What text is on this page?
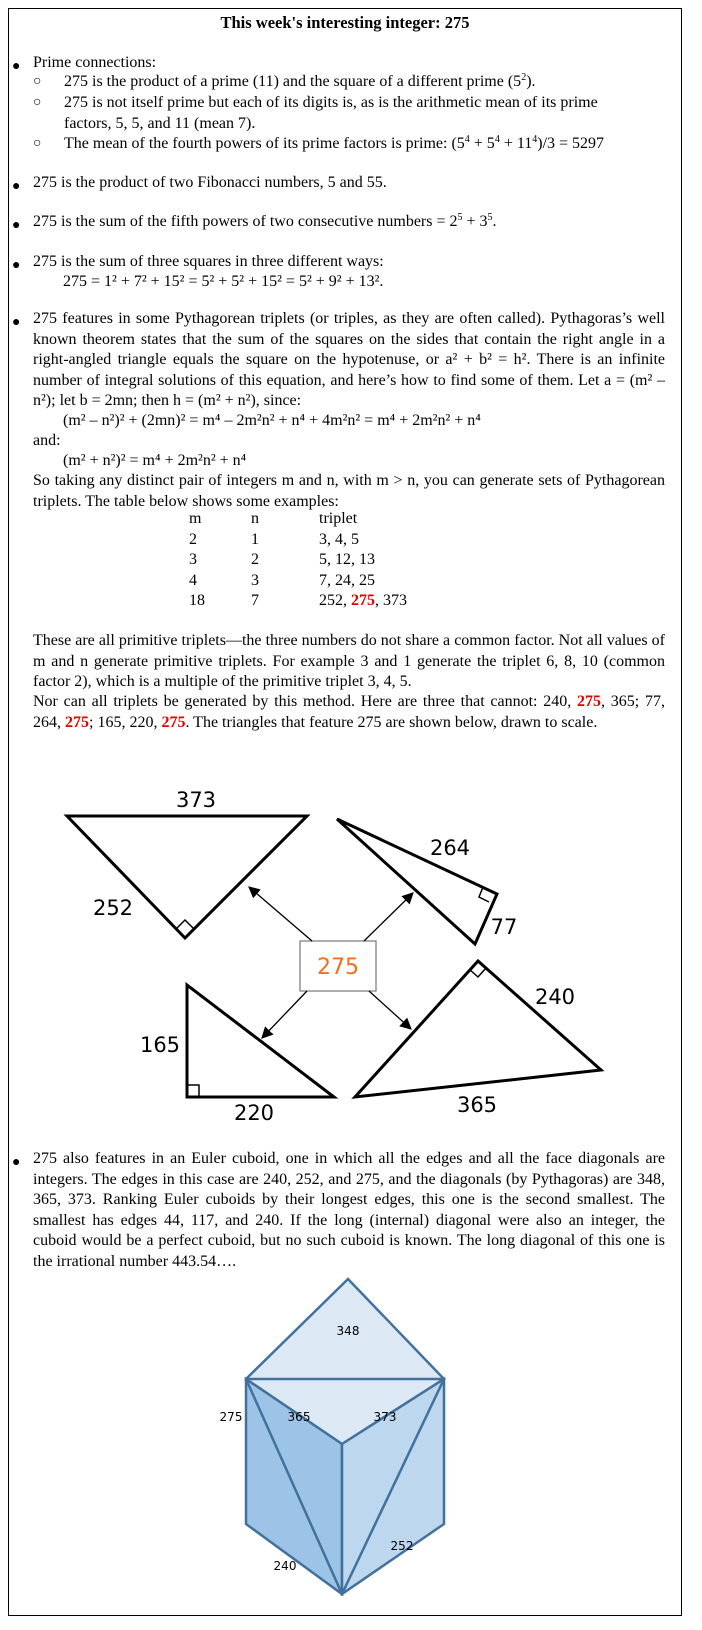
This week's interesting integer: 275
● Prime connections:
○ 275 is the product of a prime (11) and the square of a different prime $(5^2)$.
○ 275 is not itself prime but each of its digits is, as is the arithmetic mean of its prime factors, 5, 5, and 11 (mean 7).
○ The mean of the fourth powers of its prime factors is prime: $(5^4 + 5^4 + 11^4)/3 = 5297$
● 275 is the product of two Fibonacci numbers, 5 and 55.
● 275 is the sum of the fifth powers of two consecutive numbers = $2^5 + 3^5$.
● 275 is the sum of three squares in three different ways:
275 = 1² + 7² + 15² = 5² + 5² + 15² = 5² + 9² + 13².
● 275 features in some Pythagorean triplets (or triples, as they are often called). Pythagoras’s well known theorem states that the sum of the squares on the sides that contain the right angle in a right-angled triangle equals the square on the hypotenuse, or a² + b² = h². There is an infinite number of integral solutions of this equation, and here’s how to find some of them. Let a = (m² – n²); let b = 2mn; then h = (m² + n²), since:
(m² – n²)² + (2mn)² = m⁴ – 2m²n² + n⁴ + 4m²n² = m⁴ + 2m²n² + n⁴
and:
(m² + n²)² = m⁴ + 2m²n² + n⁴
So taking any distinct pair of integers m and n, with m > n, you can generate sets of Pythagorean triplets. The table below shows some examples:
m	n	triplet
2	1	3, 4, 5
3	2	5, 12, 13
4	3	7, 24, 25
18	7	252, 275, 373
These are all primitive triplets—the three numbers do not share a common factor. Not all values of m and n generate primitive triplets. For example 3 and 1 generate the triplet 6, 8, 10 (common factor 2), which is a multiple of the primitive triplet 3, 4, 5.
Nor can all triplets be generated by this method. Here are three that cannot: 240, 275, 365; 77, 264, 275; 165, 220, 275. The triangles that feature 275 are shown below, drawn to scale.
373
252
264
77
165
220
240
365
275
● 275 also features in an Euler cuboid, one in which all the edges and all the face diagonals are integers. The edges in this case are 240, 252, and 275, and the diagonals (by Pythagoras) are 348, 365, 373. Ranking Euler cuboids by their longest edges, this one is the second smallest. The smallest has edges 44, 117, and 240. If the long (internal) diagonal were also an integer, the cuboid would be a perfect cuboid, but no such cuboid is known. The long diagonal of this one is the irrational number 443.54….
348
275	365	373
240
252
